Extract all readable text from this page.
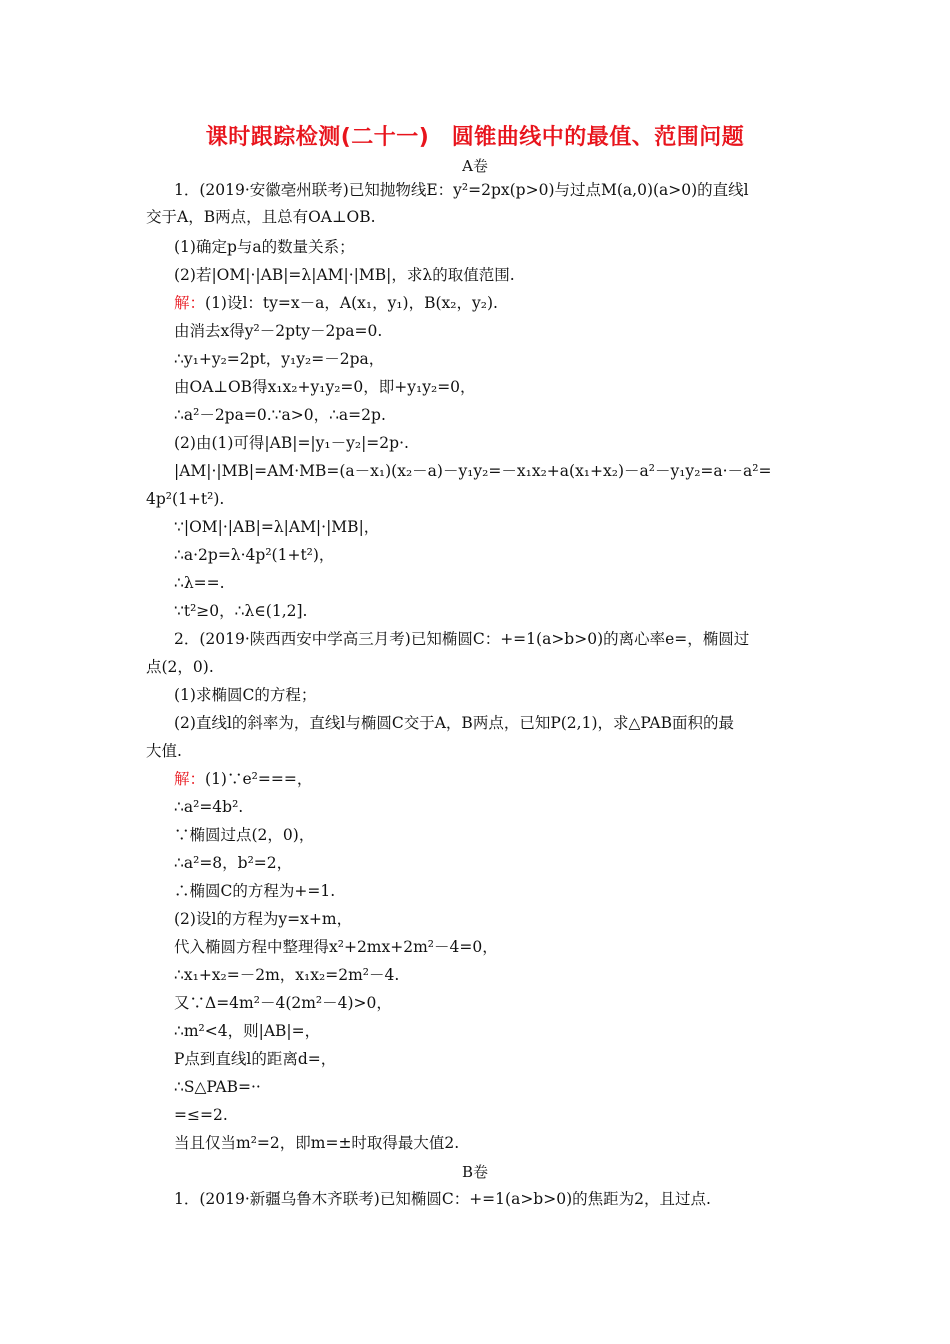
课时跟踪检测(二十一)　圆锥曲线中的最值、范围问题
A卷
1．(2019·安徽亳州联考)已知抛物线E：y²=2px(p>0)与过点M(a,0)(a>0)的直线l
交于A，B两点，且总有OA⊥OB.
(1)确定p与a的数量关系；
(2)若|OM|·|AB|=λ|AM|·|MB|，求λ的取值范围.
解：(1)设l：ty=x－a，A(x₁，y₁)，B(x₂，y₂).
由消去x得y²－2pty－2pa=0.
∴y₁+y₂=2pt，y₁y₂=－2pa，
由OA⊥OB得x₁x₂+y₁y₂=0，即+y₁y₂=0，
∴a²－2pa=0.∵a>0，∴a=2p.
(2)由(1)可得|AB|=|y₁－y₂|=2p·.
|AM|·|MB|=AM·MB=(a－x₁)(x₂－a)－y₁y₂=－x₁x₂+a(x₁+x₂)－a²－y₁y₂=a·－a²=
4p²(1+t²).
∵|OM|·|AB|=λ|AM|·|MB|，
∴a·2p=λ·4p²(1+t²)，
∴λ==.
∵t²≥0，∴λ∈(1,2].
2．(2019·陕西西安中学高三月考)已知椭圆C：+=1(a>b>0)的离心率e=，椭圆过
点(2，0).
(1)求椭圆C的方程；
(2)直线l的斜率为，直线l与椭圆C交于A，B两点，已知P(2,1)，求△PAB面积的最
大值.
解：(1)∵e²===，
∴a²=4b².
∵椭圆过点(2，0)，
∴a²=8，b²=2，
∴椭圆C的方程为+=1.
(2)设l的方程为y=x+m，
代入椭圆方程中整理得x²+2mx+2m²－4=0，
∴x₁+x₂=－2m，x₁x₂=2m²－4.
又∵Δ=4m²－4(2m²－4)>0，
∴m²<4，则|AB|=，
P点到直线l的距离d=，
∴S△PAB=··
=≤=2.
当且仅当m²=2，即m=±时取得最大值2.
B卷
1．(2019·新疆乌鲁木齐联考)已知椭圆C：+=1(a>b>0)的焦距为2，且过点.
